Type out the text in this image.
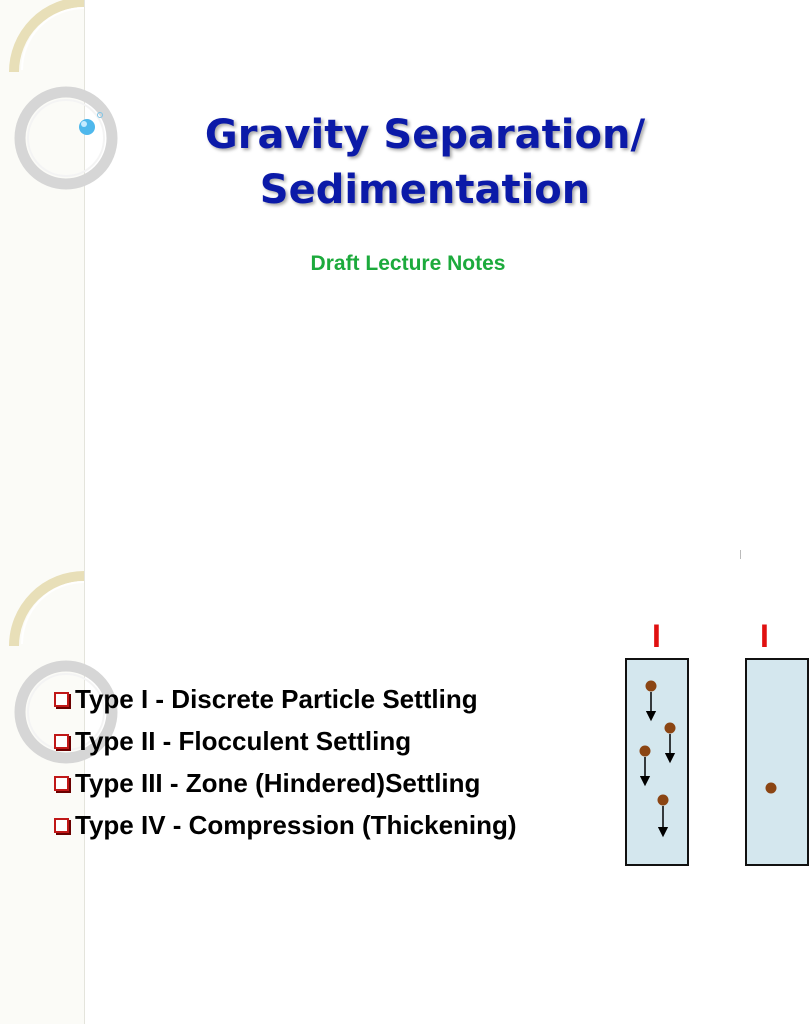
Gravity Separation/
Sedimentation
Draft Lecture Notes
Type I - Discrete Particle Settling
Type II - Flocculent Settling
Type III - Zone (Hindered)Settling
Type IV - Compression (Thickening)
I	I
